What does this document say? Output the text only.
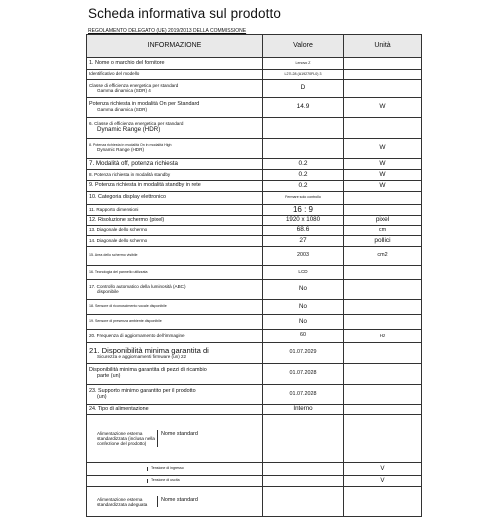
Scheda informativa sul prodotto
REGOLAMENTO DELEGATO (UE) 2019/2013 DELLA COMMISSIONE
INFORMAZIONE	Valore	Unità
1. Nome o marchio del fornitore	Lenovo Z	
Identificativo del modello	L27i-28 (A19270FL0) 3	
Classe di efficienza energetica per standard
Gamma dinamica (SDR) 4	D	
Potenza richiesta in modalità On per Standard
Gamma dinamica (SDR)	14.9	W
6. Classe di efficienza energetica per standard
Dynamic Range (HDR)		

8. Potenza richiesta in modalità On in modalità High
Dynamic Range (HDR)		W
7. Modalità off, potenza richiesta	0.2	W
8. Potenza richiesta in modalità standby	0.2	W
9. Potenza richiesta in modalità standby in rete	0.2	W
10. Categoria display elettronico	Fermare solo controllo	
11. Rapporto dimensioni	16 : 9	
12. Risoluzione schermo (pixel)	1920 x 1080	pixel
13. Diagonale dello schermo	68.6	cm
14. Diagonale dello schermo	27	pollici
15. Area dello schermo visibile	2003	cm2
16. Tecnologia del pannello utilizzata	LCD	
17. Controllo automatico della luminosità (ABC)
disponibile	No	
18. Sensore di riconoscimento vocale disponibile	No	
19. Sensore di presenza ambiente disponibile	No	
20. Frequenza di aggiornamento dell'immagine	60	Hz
21. Disponibilità minima garantita di
Sicurezza e aggiornamenti firmware (un) 22	01.07.2029	
Disponibilità minima garantita di pezzi di ricambio
parte (un)	01.07.2028	
23. Supporto minimo garantito per il prodotto
(un)	01.07.2028	
24. Tipo di alimentazione	Interno	

Alimentazione esterna standardizzata (inclusa nella confezione del prodotto)
Nome standard		

Tensione di ingresso		V

Tensione di uscita		V

Alimentazione esterna standardizzata adeguata
Nome standard		
